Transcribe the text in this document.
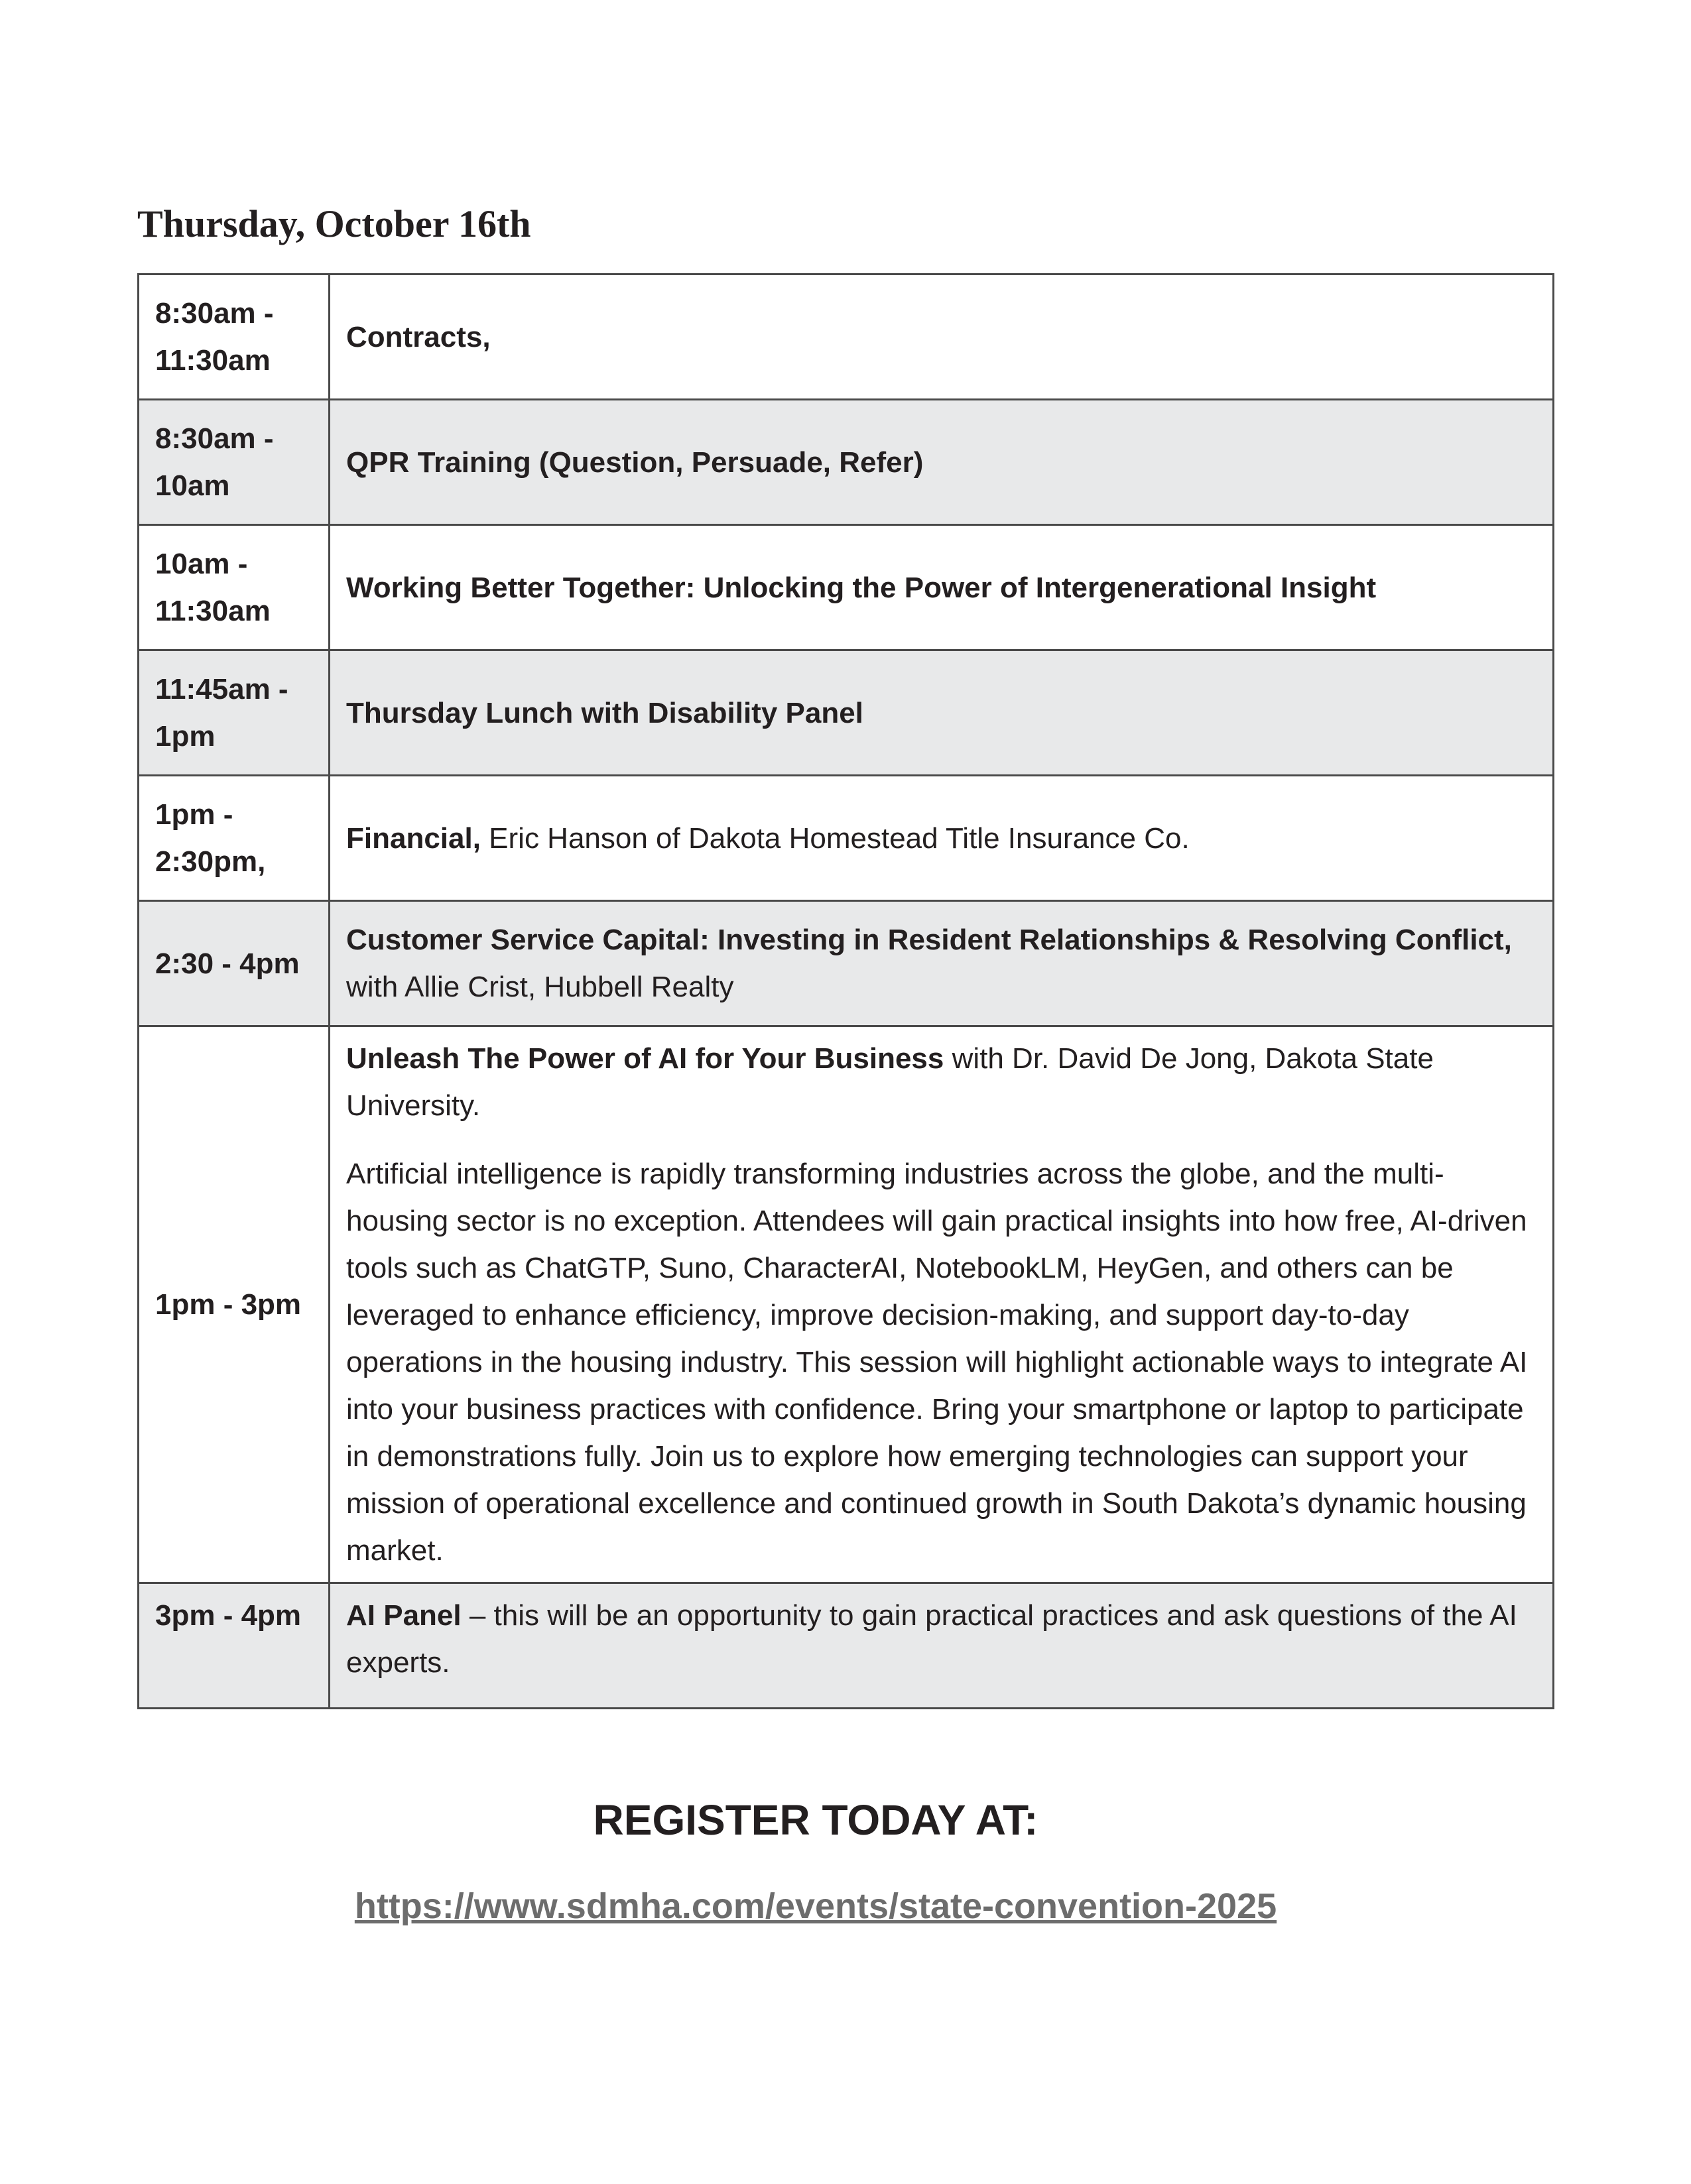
Thursday, October 16th
8:30am - 11:30am	Contracts,
8:30am - 10am	QPR Training (Question, Persuade, Refer)
10am - 11:30am	Working Better Together: Unlocking the Power of Intergenerational Insight
11:45am - 1pm	Thursday Lunch with Disability Panel
1pm - 2:30pm,	Financial, Eric Hanson of Dakota Homestead Title Insurance Co.
2:30 - 4pm	Customer Service Capital: Investing in Resident Relationships & Resolving Conflict, with Allie Crist, Hubbell Realty
1pm - 3pm	Unleash The Power of AI for Your Business with Dr. David De Jong, Dakota State University.
Artificial intelligence is rapidly transforming industries across the globe, and the multi-housing sector is no exception. Attendees will gain practical insights into how free, AI-driven tools such as ChatGTP, Suno, CharacterAI, NotebookLM, HeyGen, and others can be leveraged to enhance efficiency, improve decision-making, and support day-to-day operations in the housing industry. This session will highlight actionable ways to integrate AI into your business practices with confidence. Bring your smartphone or laptop to participate in demonstrations fully. Join us to explore how emerging technologies can support your mission of operational excellence and continued growth in South Dakota’s dynamic housing market.

3pm - 4pm	AI Panel – this will be an opportunity to gain practical practices and ask questions of the AI experts.
REGISTER TODAY AT:
https://www.sdmha.com/events/state-convention-2025
